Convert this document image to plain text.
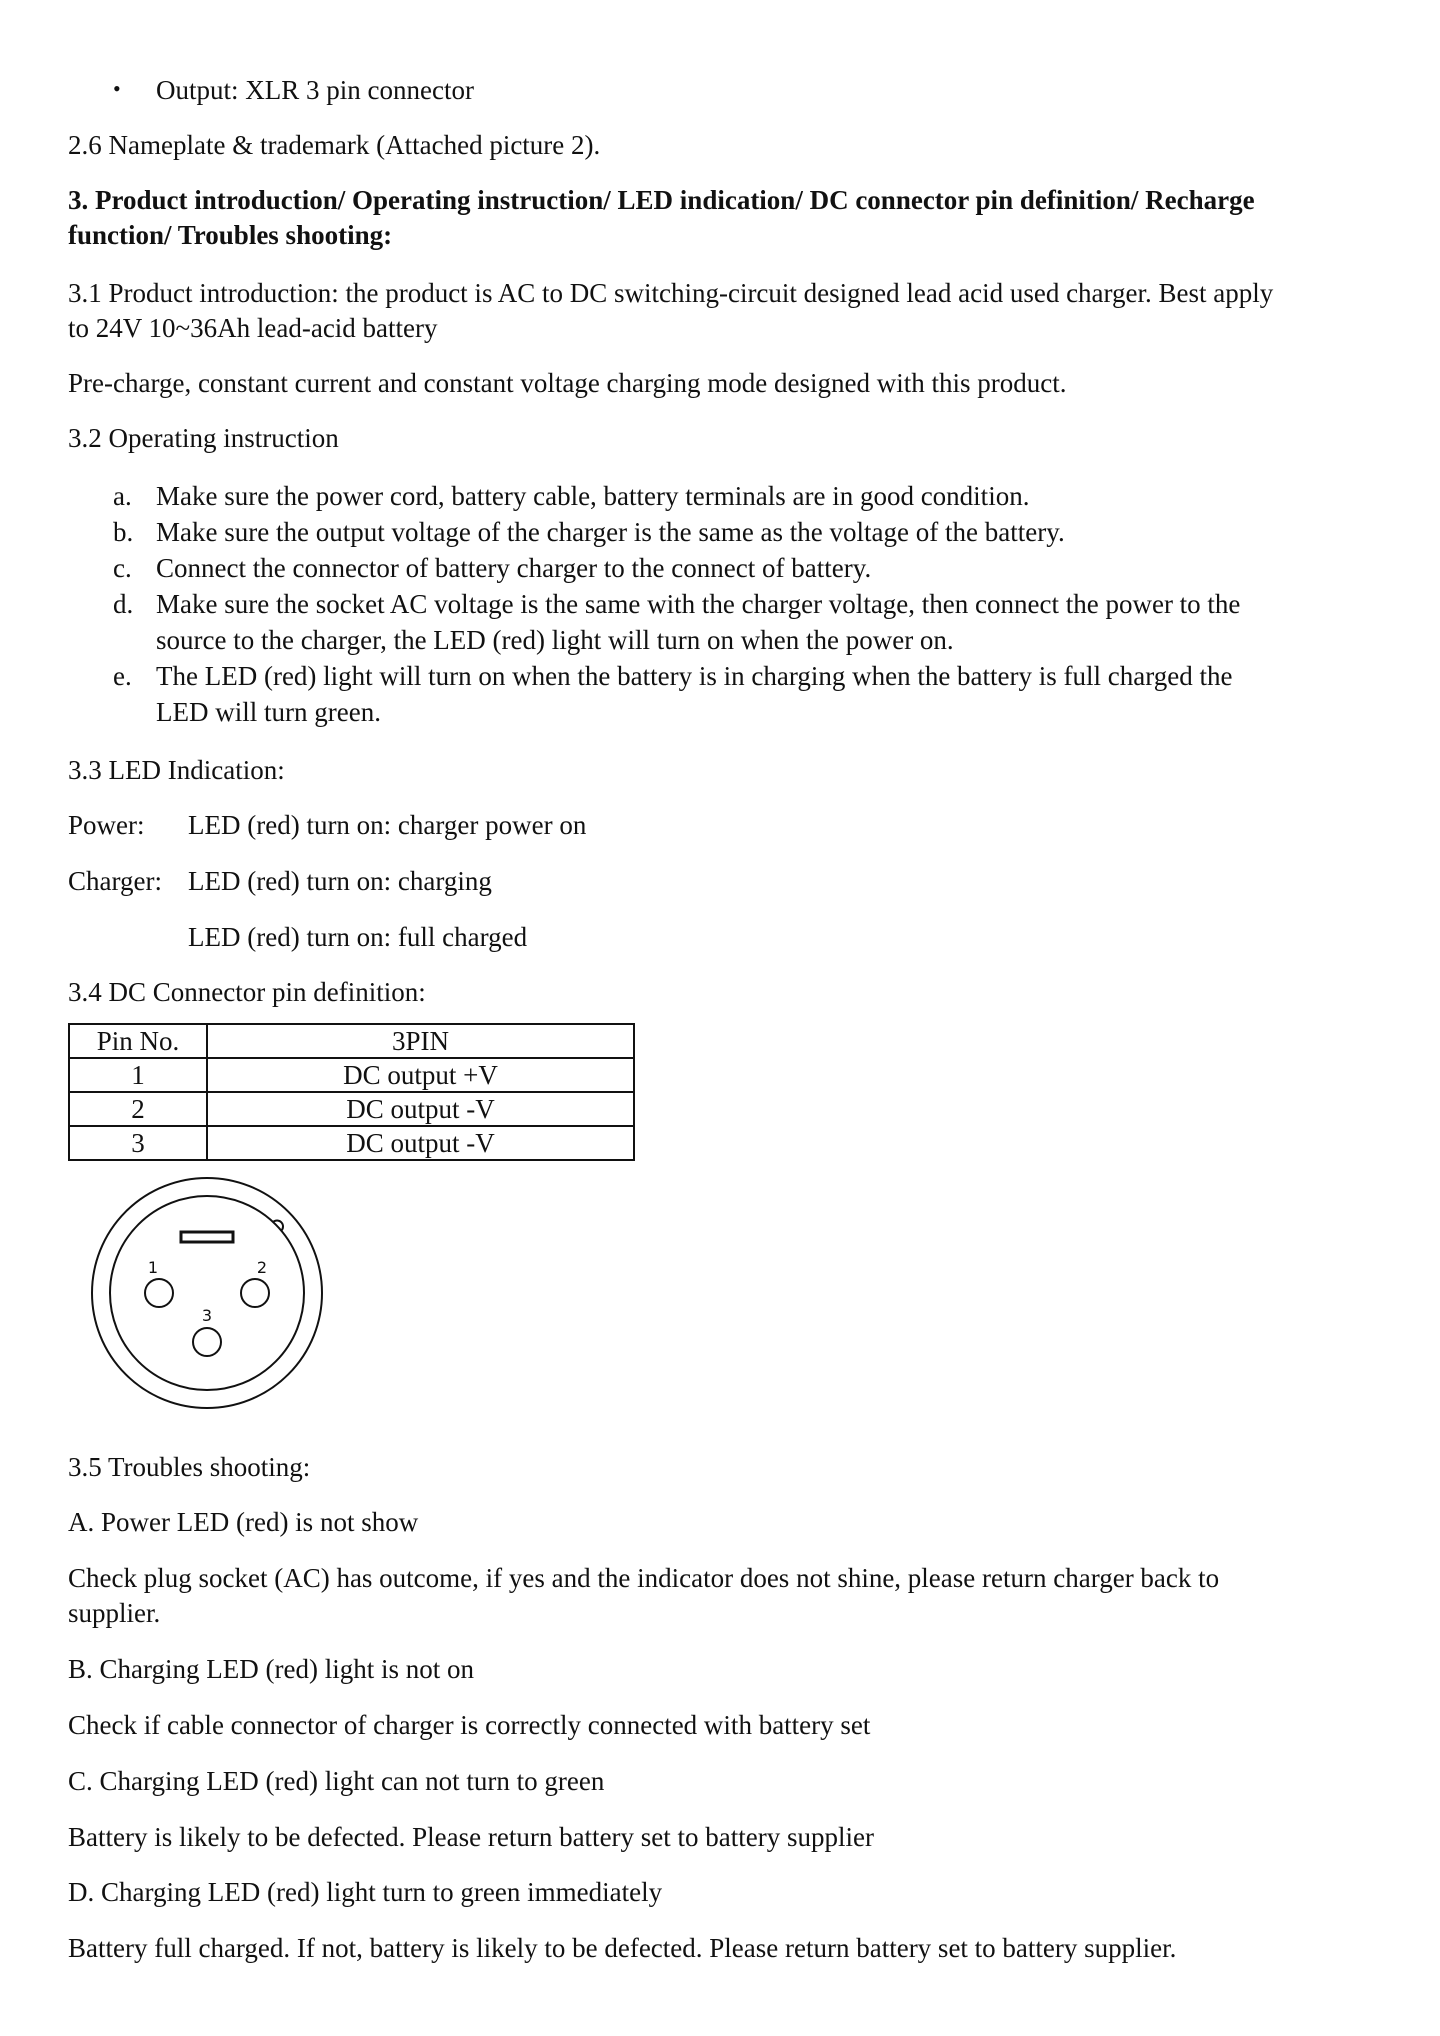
• Output: XLR 3 pin connector
2.6 Nameplate & trademark (Attached picture 2).
3. Product introduction/ Operating instruction/ LED indication/ DC connector pin definition/ Recharge
function/ Troubles shooting:
3.1 Product introduction: the product is AC to DC switching-circuit designed lead acid used charger. Best apply
to 24V 10~36Ah lead-acid battery
Pre-charge, constant current and constant voltage charging mode designed with this product.
3.2 Operating instruction
a. Make sure the power cord, battery cable, battery terminals are in good condition.
b. Make sure the output voltage of the charger is the same as the voltage of the battery.
c. Connect the connector of battery charger to the connect of battery.
d. Make sure the socket AC voltage is the same with the charger voltage, then connect the power to the
source to the charger, the LED (red) light will turn on when the power on.
e. The LED (red) light will turn on when the battery is in charging when the battery is full charged the
LED will turn green.
3.3 LED Indication:
Power: LED (red) turn on: charger power on
Charger: LED (red) turn on: charging
LED (red) turn on: full charged
3.4 DC Connector pin definition:
Pin No.	3PIN
1	DC output +V
2	DC output -V
3	DC output -V
1	2
3
3.5 Troubles shooting:
A. Power LED (red) is not show
Check plug socket (AC) has outcome, if yes and the indicator does not shine, please return charger back to
supplier.
B. Charging LED (red) light is not on
Check if cable connector of charger is correctly connected with battery set
C. Charging LED (red) light can not turn to green
Battery is likely to be defected. Please return battery set to battery supplier
D. Charging LED (red) light turn to green immediately
Battery full charged. If not, battery is likely to be defected. Please return battery set to battery supplier.
